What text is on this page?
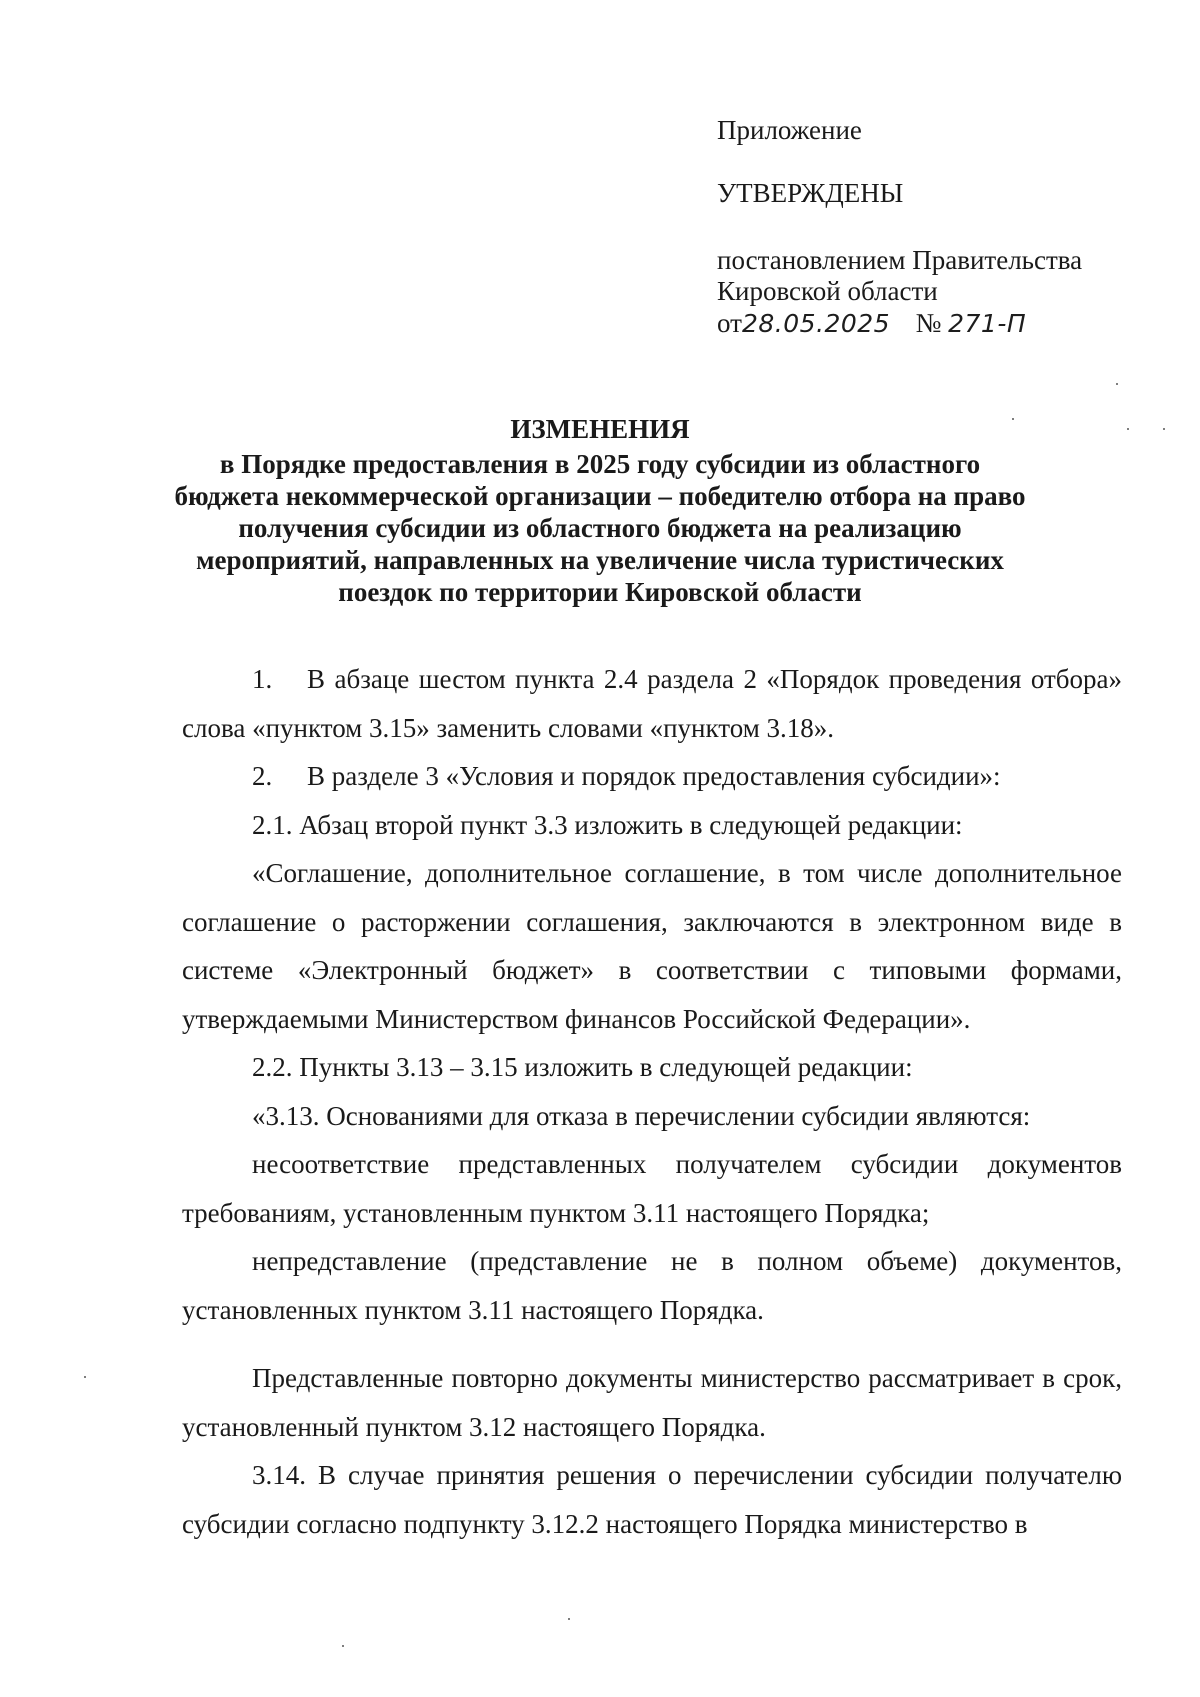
Приложение
УТВЕРЖДЕНЫ
постановлением Правительства
Кировской области
от28.05.2025 № 271-П
ИЗМЕНЕНИЯ
в Порядке предоставления в 2025 году субсидии из областного бюджета некоммерческой организации – победителю отбора на право получения субсидии из областного бюджета на реализацию мероприятий, направленных на увеличение числа туристических поездок по территории Кировской области

1. В абзаце шестом пункта 2.4 раздела 2 «Порядок проведения отбора» слова «пунктом 3.15» заменить словами «пунктом 3.18».

2. В разделе 3 «Условия и порядок предоставления субсидии»:

2.1. Абзац второй пункт 3.3 изложить в следующей редакции:

«Соглашение, дополнительное соглашение, в том числе дополнительное соглашение о расторжении соглашения, заключаются в электронном виде в системе «Электронный бюджет» в соответствии с типовыми формами, утверждаемыми Министерством финансов Российской Федерации».

2.2. Пункты 3.13 – 3.15 изложить в следующей редакции:

«3.13. Основаниями для отказа в перечислении субсидии являются:

несоответствие представленных получателем субсидии документов требованиям, установленным пунктом 3.11 настоящего Порядка;

непредставление (представление не в полном объеме) документов, установленных пунктом 3.11 настоящего Порядка.

Представленные повторно документы министерство рассматривает в срок, установленный пунктом 3.12 настоящего Порядка.

3.14. В случае принятия решения о перечислении субсидии получателю субсидии согласно подпункту 3.12.2 настоящего Порядка министерство в
